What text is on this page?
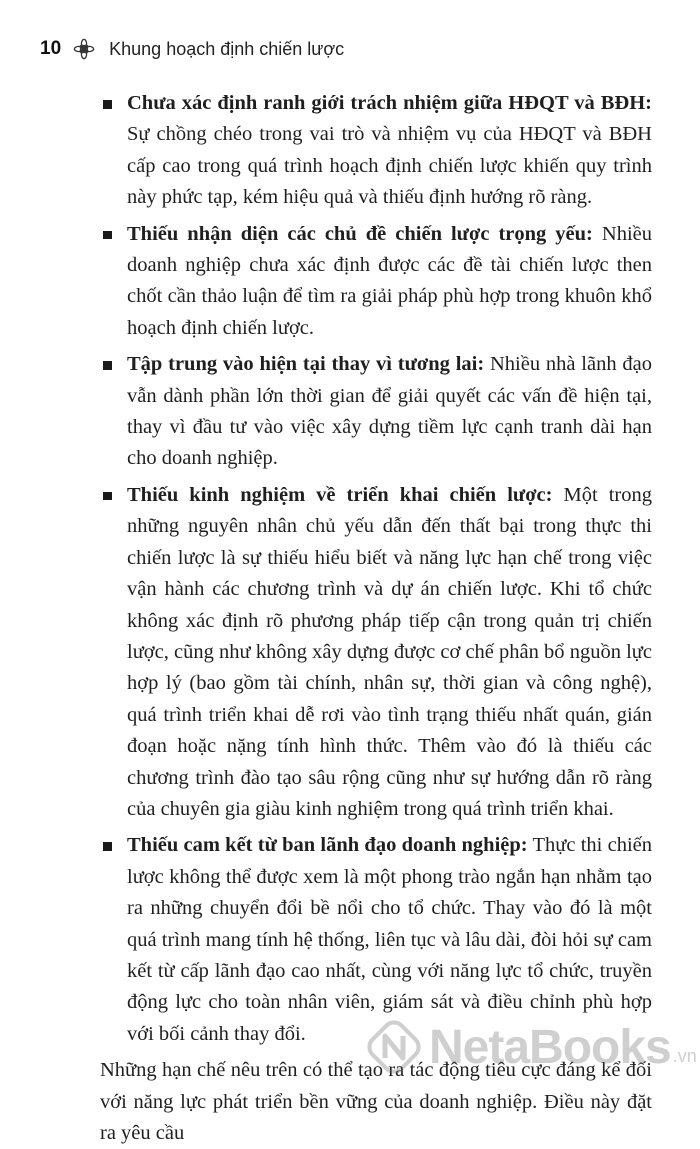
10	Khung hoạch định chiến lược
Chưa xác định ranh giới trách nhiệm giữa HĐQT và BĐH: Sự chồng chéo trong vai trò và nhiệm vụ của HĐQT và BĐH cấp cao trong quá trình hoạch định chiến lược khiến quy trình này phức tạp, kém hiệu quả và thiếu định hướng rõ ràng.
Thiếu nhận diện các chủ đề chiến lược trọng yếu: Nhiều doanh nghiệp chưa xác định được các đề tài chiến lược then chốt cần thảo luận để tìm ra giải pháp phù hợp trong khuôn khổ hoạch định chiến lược.
Tập trung vào hiện tại thay vì tương lai: Nhiều nhà lãnh đạo vẫn dành phần lớn thời gian để giải quyết các vấn đề hiện tại, thay vì đầu tư vào việc xây dựng tiềm lực cạnh tranh dài hạn cho doanh nghiệp.
Thiếu kinh nghiệm về triển khai chiến lược: Một trong những nguyên nhân chủ yếu dẫn đến thất bại trong thực thi chiến lược là sự thiếu hiểu biết và năng lực hạn chế trong việc vận hành các chương trình và dự án chiến lược. Khi tổ chức không xác định rõ phương pháp tiếp cận trong quản trị chiến lược, cũng như không xây dựng được cơ chế phân bổ nguồn lực hợp lý (bao gồm tài chính, nhân sự, thời gian và công nghệ), quá trình triển khai dễ rơi vào tình trạng thiếu nhất quán, gián đoạn hoặc nặng tính hình thức. Thêm vào đó là thiếu các chương trình đào tạo sâu rộng cũng như sự hướng dẫn rõ ràng của chuyên gia giàu kinh nghiệm trong quá trình triển khai.
Thiếu cam kết từ ban lãnh đạo doanh nghiệp: Thực thi chiến lược không thể được xem là một phong trào ngắn hạn nhằm tạo ra những chuyển đổi bề nổi cho tổ chức. Thay vào đó là một quá trình mang tính hệ thống, liên tục và lâu dài, đòi hỏi sự cam kết từ cấp lãnh đạo cao nhất, cùng với năng lực tổ chức, truyền động lực cho toàn nhân viên, giám sát và điều chỉnh phù hợp với bối cảnh thay đổi.

Những hạn chế nêu trên có thể tạo ra tác động tiêu cực đáng kể đối với năng lực phát triển bền vững của doanh nghiệp. Điều này đặt ra yêu cầu

NetaBooks .vn
